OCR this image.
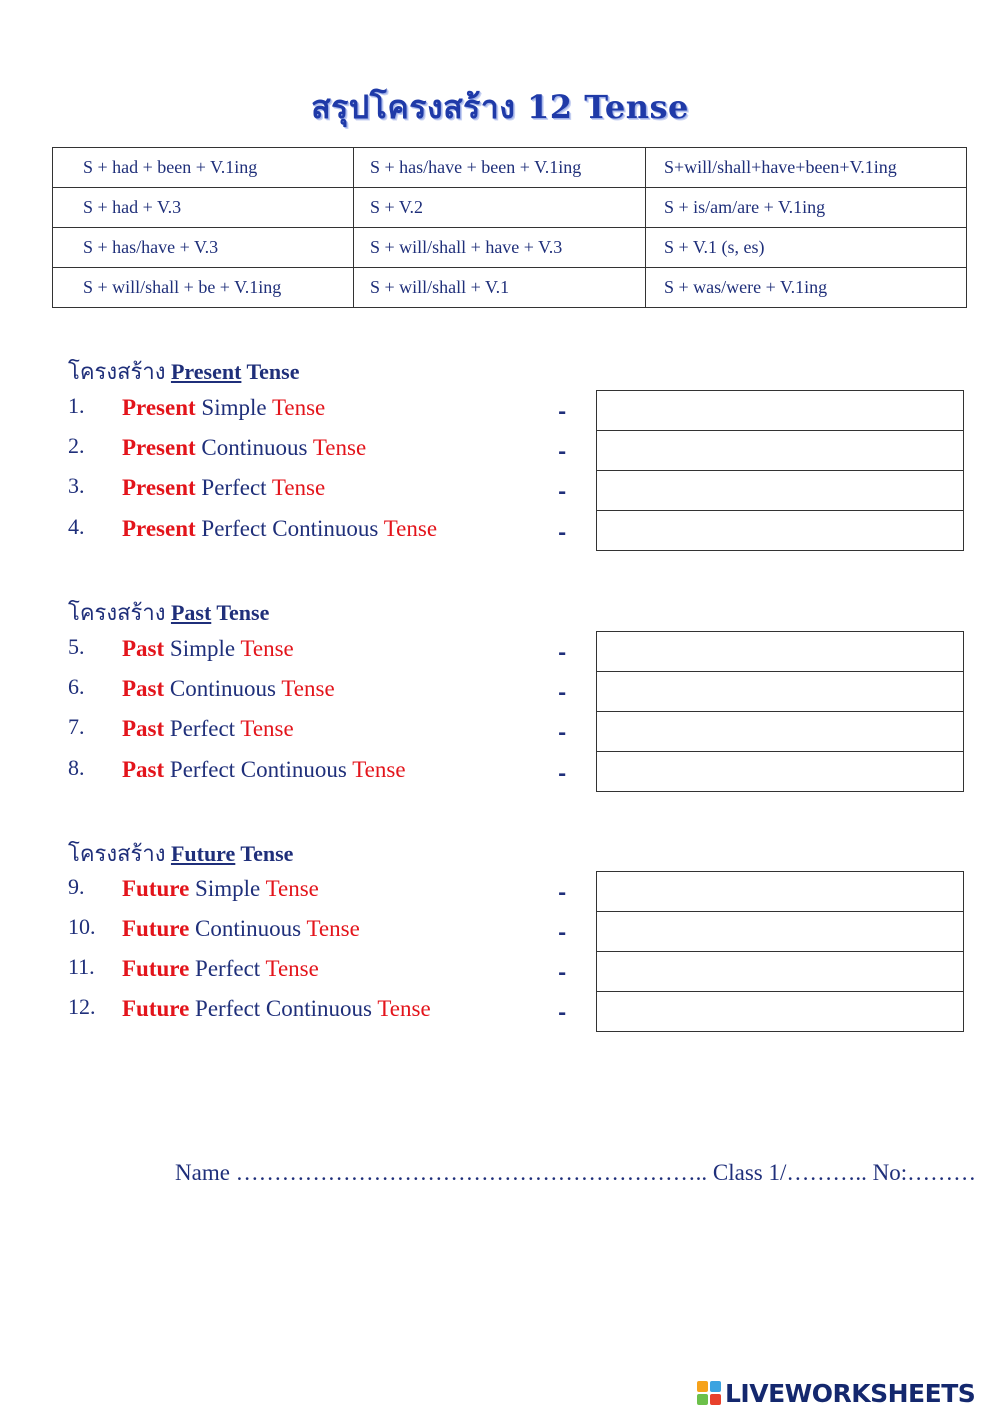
สรุปโครงสร้าง 12 Tense
S + had + been + V.1ing	S + has/have + been + V.1ing	S+will/shall+have+been+V.1ing
S + had + V.3	S + V.2	S + is/am/are + V.1ing
S + has/have + V.3	S + will/shall + have + V.3	S + V.1 (s, es)
S + will/shall + be + V.1ing	S + will/shall + V.1	S + was/were + V.1ing
โครงสร้าง Present Tense
1. Present Simple Tense	-
2. Present Continuous Tense	-
3. Present Perfect Tense	-
4. Present Perfect Continuous Tense	-
โครงสร้าง Past Tense
5. Past Simple Tense	-
6. Past Continuous Tense	-
7. Past Perfect Tense	-
8. Past Perfect Continuous Tense	-
โครงสร้าง Future Tense
9. Future Simple Tense	-
10. Future Continuous Tense	-
11. Future Perfect Tense	-
12. Future Perfect Continuous Tense	-
Name …………………………………………………….. Class 1/……….. No:………
LIVEWORKSHEETS
